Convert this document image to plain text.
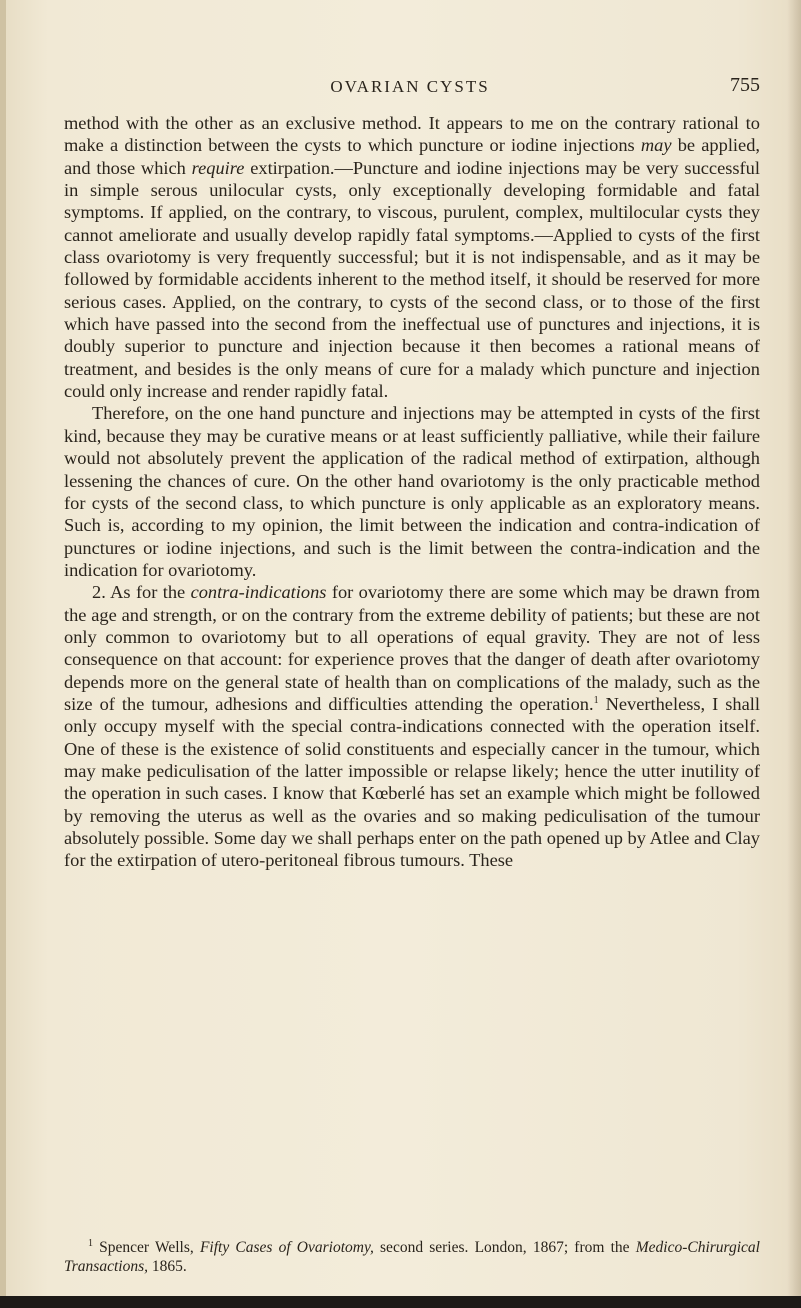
OVARIAN CYSTS	755

method with the other as an exclusive method. It appears to me on the contrary rational to make a distinction between the cysts to which puncture or iodine injections may be applied, and those which require extirpation.—Puncture and iodine injections may be very successful in simple serous unilocular cysts, only exceptionally developing formidable and fatal symptoms. If applied, on the contrary, to viscous, purulent, complex, multilocular cysts they cannot ameliorate and usually develop rapidly fatal symptoms.—Applied to cysts of the first class ovariotomy is very frequently successful; but it is not indispensable, and as it may be followed by formidable accidents inherent to the method itself, it should be reserved for more serious cases. Applied, on the contrary, to cysts of the second class, or to those of the first which have passed into the second from the ineffectual use of punctures and injections, it is doubly superior to puncture and injection because it then becomes a rational means of treatment, and besides is the only means of cure for a malady which puncture and injection could only increase and render rapidly fatal.

Therefore, on the one hand puncture and injections may be attempted in cysts of the first kind, because they may be curative means or at least sufficiently palliative, while their failure would not absolutely prevent the application of the radical method of extirpation, although lessening the chances of cure. On the other hand ovariotomy is the only practicable method for cysts of the second class, to which puncture is only applicable as an exploratory means. Such is, according to my opinion, the limit between the indication and contra-indication of punctures or iodine injections, and such is the limit between the contra-indication and the indication for ovariotomy.

2. As for the contra-indications for ovariotomy there are some which may be drawn from the age and strength, or on the contrary from the extreme debility of patients; but these are not only common to ovariotomy but to all operations of equal gravity. They are not of less consequence on that account: for experience proves that the danger of death after ovariotomy depends more on the general state of health than on complications of the malady, such as the size of the tumour, adhesions and difficulties attending the operation.$^1$ Nevertheless, I shall only occupy myself with the special contra-indications connected with the operation itself. One of these is the existence of solid constituents and especially cancer in the tumour, which may make pediculisation of the latter impossible or relapse likely; hence the utter inutility of the operation in such cases. I know that Kœberlé has set an example which might be followed by removing the uterus as well as the ovaries and so making pediculisation of the tumour absolutely possible. Some day we shall perhaps enter on the path opened up by Atlee and Clay for the extirpation of utero-peritoneal fibrous tumours. These

$^1$ Spencer Wells, Fifty Cases of Ovariotomy, second series. London, 1867; from the Medico-Chirurgical Transactions, 1865.
